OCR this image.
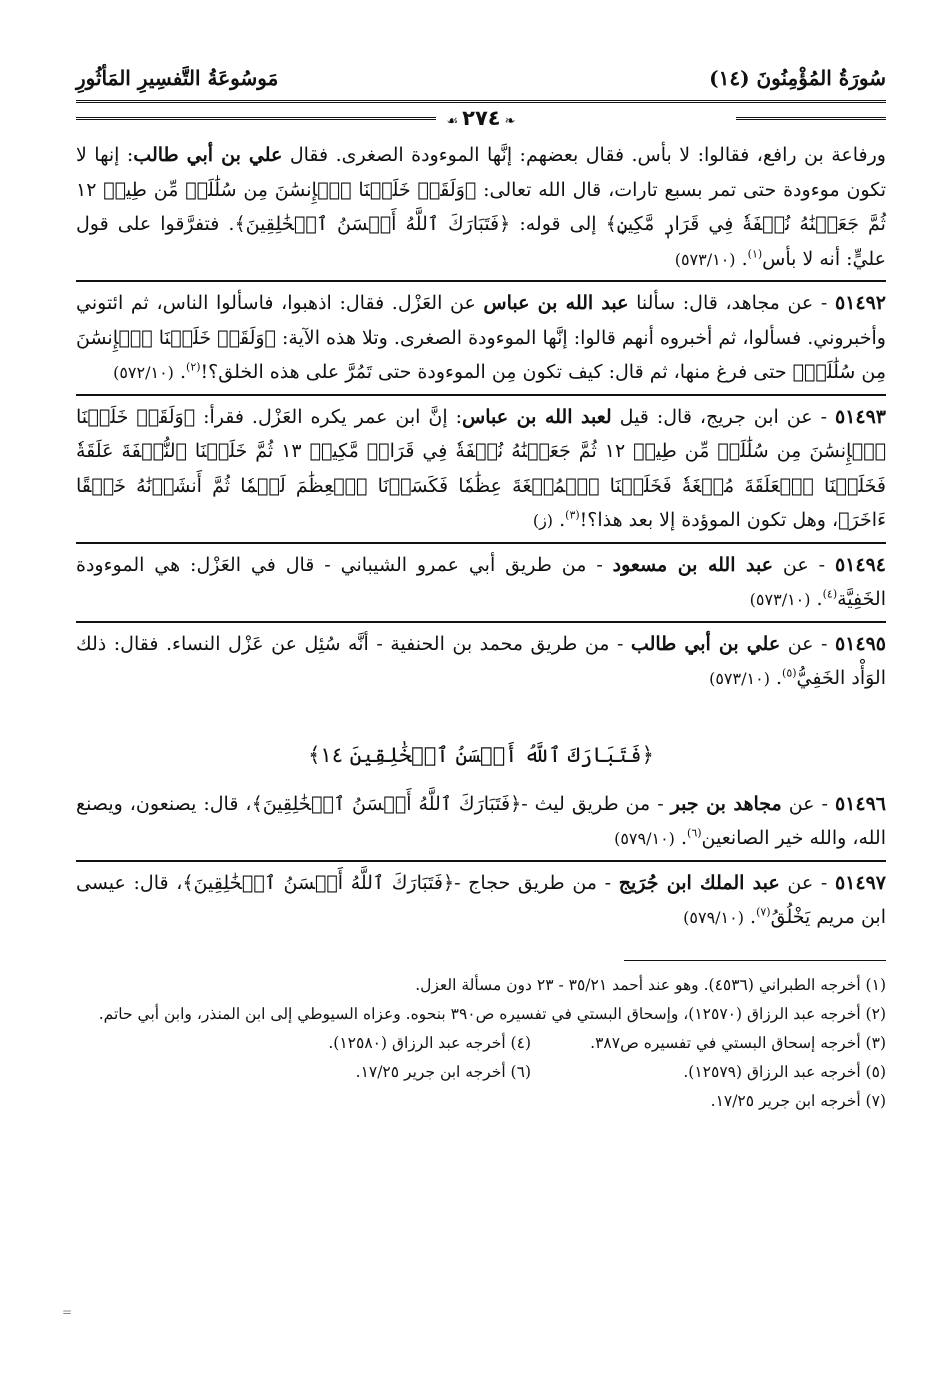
سُورَةُ المُؤْمِنُونَ (١٤)
مَوسُوعَةُ التَّفسِيرِ المَأثُورِ
❧٢٧٤☙

ورفاعة بن رافع، فقالوا: لا بأس. فقال بعضهم: إنَّها الموءودة الصغرى. فقال علي بن أبي طالب: إنها لا تكون موءودة حتى تمر بسبع تارات، قال الله تعالى: ﴿وَلَقَدۡ خَلَقۡنَا ٱلۡإِنسَٰنَ مِن سُلَٰلَةٖ مِّن طِينٖ ١٢ ثُمَّ جَعَلۡنَٰهُ نُطۡفَةٗ فِي قَرَارٖ مَّكِينٖ﴾ إلى قوله: ﴿فَتَبَارَكَ ٱللَّهُ أَحۡسَنُ ٱلۡخَٰلِقِينَ﴾. فتفرَّقوا على قول عليٍّ: أنه لا بأس$^{(١)}$. (٥٧٣/١٠)

٥١٤٩٢ - عن مجاهد، قال: سألنا عبد الله بن عباس عن العَزْل. فقال: اذهبوا، فاسألوا الناس، ثم ائتوني وأخبروني. فسألوا، ثم أخبروه أنهم قالوا: إنَّها الموءودة الصغرى. وتلا هذه الآية: ﴿وَلَقَدۡ خَلَقۡنَا ٱلۡإِنسَٰنَ مِن سُلَٰلَةٖ﴾ حتى فرغ منها، ثم قال: كيف تكون مِن الموءودة حتى تَمُرَّ على هذه الخلق؟!$^{(٢)}$. (٥٧٢/١٠)

٥١٤٩٣ - عن ابن جريج، قال: قيل لعبد الله بن عباس: إنَّ ابن عمر يكره العَزْل. فقرأ: ﴿وَلَقَدۡ خَلَقۡنَا ٱلۡإِنسَٰنَ مِن سُلَٰلَةٖ مِّن طِينٖ ١٢ ثُمَّ جَعَلۡنَٰهُ نُطۡفَةٗ فِي قَرَارٖ مَّكِينٖ ١٣ ثُمَّ خَلَقۡنَا ٱلنُّطۡفَةَ عَلَقَةٗ فَخَلَقۡنَا ٱلۡعَلَقَةَ مُضۡغَةٗ فَخَلَقۡنَا ٱلۡمُضۡغَةَ عِظَٰمٗا فَكَسَوۡنَا ٱلۡعِظَٰمَ لَحۡمٗا ثُمَّ أَنشَأۡنَٰهُ خَلۡقًا ءَاخَرَ﴾، وهل تكون الموؤدة إلا بعد هذا؟!$^{(٣)}$. (ز)

٥١٤٩٤ - عن عبد الله بن مسعود - من طريق أبي عمرو الشيباني - قال في العَزْل: هي الموءودة الخَفِيَّة$^{(٤)}$. (٥٧٣/١٠)

٥١٤٩٥ - عن علي بن أبي طالب - من طريق محمد بن الحنفية - أنَّه سُئِل عن عَزْل النساء. فقال: ذلك الوَأْد الخَفِيُّ$^{(٥)}$. (٥٧٣/١٠)

﴿فَتَبَارَكَ ٱللَّهُ أَحۡسَنُ ٱلۡخَٰلِقِينَ ١٤﴾

٥١٤٩٦ - عن مجاهد بن جبر - من طريق ليث -﴿فَتَبَارَكَ ٱللَّهُ أَحۡسَنُ ٱلۡخَٰلِقِينَ﴾، قال: يصنعون، ويصنع الله، والله خير الصانعين$^{(٦)}$. (٥٧٩/١٠)

٥١٤٩٧ - عن عبد الملك ابن جُرَيج - من طريق حجاج -﴿فَتَبَارَكَ ٱللَّهُ أَحۡسَنُ ٱلۡخَٰلِقِينَ﴾، قال: عيسى ابن مريم يَخْلُقُ$^{(٧)}$. (٥٧٩/١٠)

(١) أخرجه الطبراني (٤٥٣٦). وهو عند أحمد ٣٥/٢١ - ٢٣ دون مسألة العزل.
(٢) أخرجه عبد الرزاق (١٢٥٧٠)، وإسحاق البستي في تفسيره ص٣٩٠ بنحوه. وعزاه السيوطي إلى ابن المنذر، وابن أبي حاتم.
(٣) أخرجه إسحاق البستي في تفسيره ص٣٨٧.
(٤) أخرجه عبد الرزاق (١٢٥٨٠).
(٥) أخرجه عبد الرزاق (١٢٥٧٩).
(٦) أخرجه ابن جرير ١٧/٢٥.
(٧) أخرجه ابن جرير ١٧/٢٥.
=
